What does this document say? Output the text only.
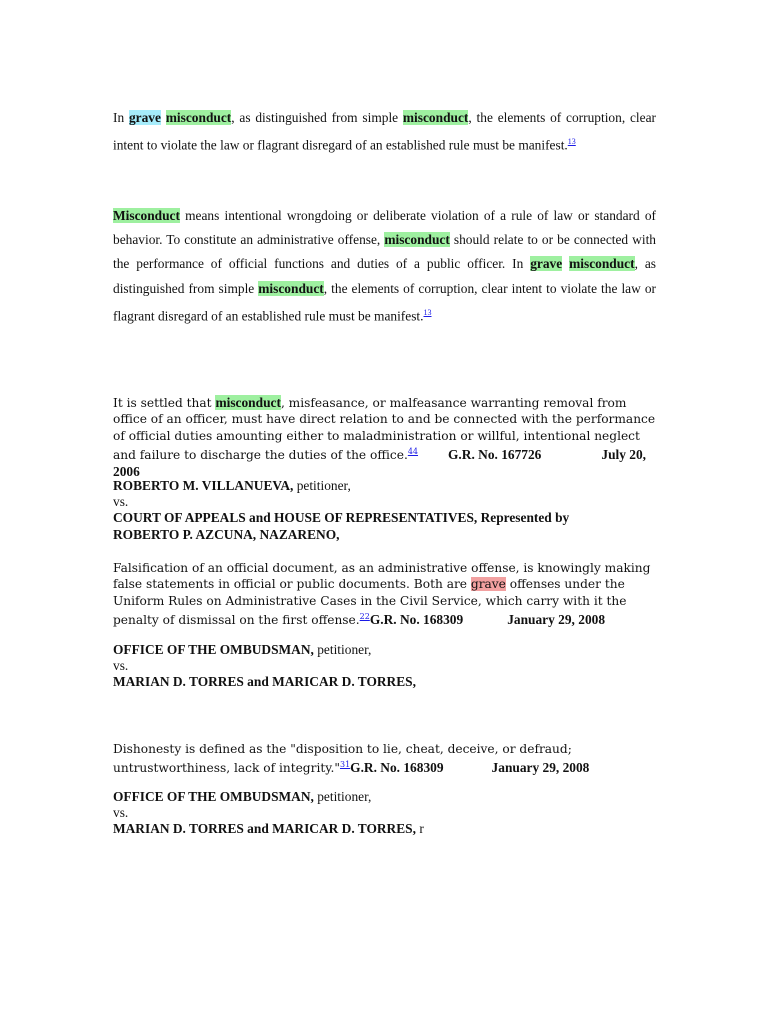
In grave misconduct, as distinguished from simple misconduct, the elements of corruption, clear intent to violate the law or flagrant disregard of an established rule must be manifest.$^{13}$

Misconduct means intentional wrongdoing or deliberate violation of a rule of law or standard of behavior. To constitute an administrative offense, misconduct should relate to or be connected with the performance of official functions and duties of a public officer. In grave misconduct, as distinguished from simple misconduct, the elements of corruption, clear intent to violate the law or flagrant disregard of an established rule must be manifest.$^{13}$

It is settled that misconduct, misfeasance, or malfeasance warranting removal from office of an officer, must have direct relation to and be connected with the performance of official duties amounting either to maladministration or willful, intentional neglect and failure to discharge the duties of the office.$^{44}$ G.R. No. 167726	July 20, 2006

ROBERTO M. VILLANUEVA, petitioner,

vs.

COURT OF APPEALS and HOUSE OF REPRESENTATIVES, Represented by

ROBERTO P. AZCUNA, NAZARENO,

Falsification of an official document, as an administrative offense, is knowingly making false statements in official or public documents. Both are grave offenses under the Uniform Rules on Administrative Cases in the Civil Service, which carry with it the penalty of dismissal on the first offense.$^{22}$G.R. No. 168309	January 29, 2008

OFFICE OF THE OMBUDSMAN, petitioner,

vs.

MARIAN D. TORRES and MARICAR D. TORRES,

Dishonesty is defined as the "disposition to lie, cheat, deceive, or defraud; untrustworthiness, lack of integrity."$^{31}$G.R. No. 168309	January 29, 2008

OFFICE OF THE OMBUDSMAN, petitioner,

vs.

MARIAN D. TORRES and MARICAR D. TORRES, r
